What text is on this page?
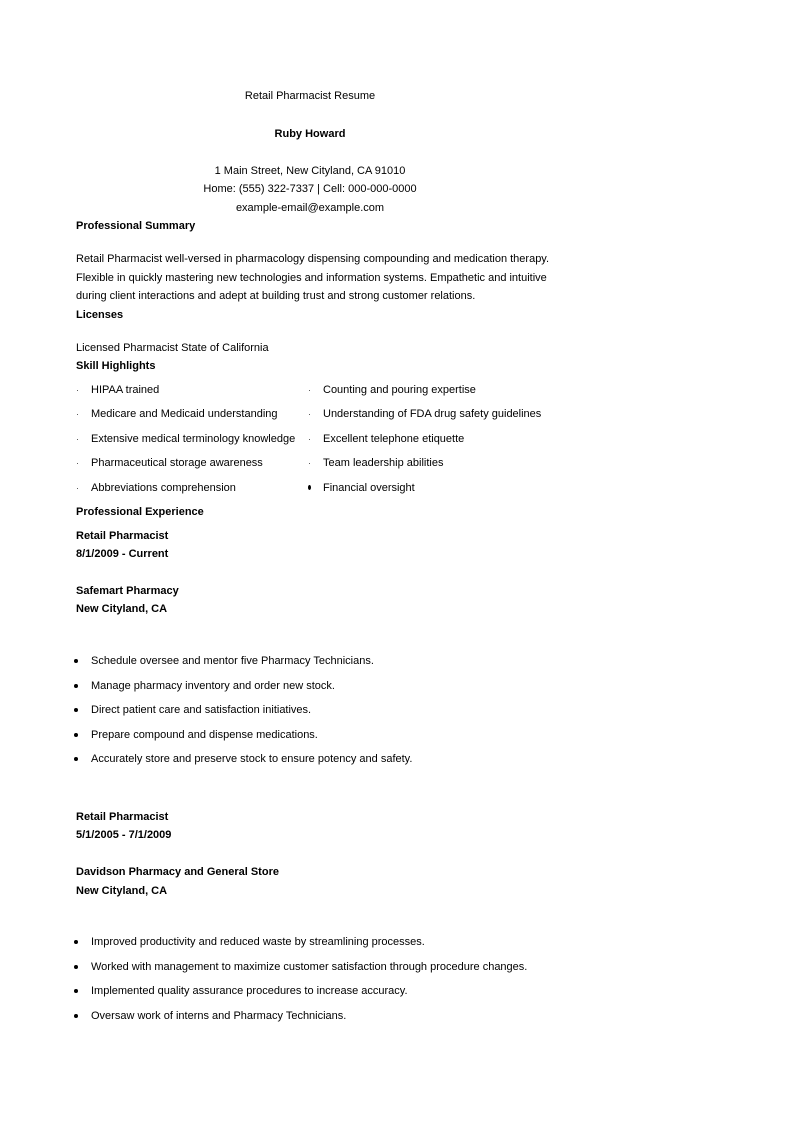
Retail Pharmacist Resume
Ruby Howard
1 Main Street, New Cityland, CA 91010
Home: (555) 322-7337 | Cell: 000-000-0000
example-email@example.com
Professional Summary
Retail Pharmacist well-versed in pharmacology dispensing compounding and medication therapy.
Flexible in quickly mastering new technologies and information systems. Empathetic and intuitive
during client interactions and adept at building trust and strong customer relations.
Licenses
Licensed Pharmacist State of California
Skill Highlights
· HIPAA trained
· Medicare and Medicaid understanding
· Extensive medical terminology knowledge
· Pharmaceutical storage awareness
· Abbreviations comprehension
· Counting and pouring expertise
· Understanding of FDA drug safety guidelines
· Excellent telephone etiquette
· Team leadership abilities
Financial oversight
Professional Experience
Retail Pharmacist
8/1/2009 - Current
Safemart Pharmacy
New Cityland, CA
Schedule oversee and mentor five Pharmacy Technicians.
Manage pharmacy inventory and order new stock.
Direct patient care and satisfaction initiatives.
Prepare compound and dispense medications.
Accurately store and preserve stock to ensure potency and safety.
Retail Pharmacist
5/1/2005 - 7/1/2009
Davidson Pharmacy and General Store
New Cityland, CA
Improved productivity and reduced waste by streamlining processes.
Worked with management to maximize customer satisfaction through procedure changes.
Implemented quality assurance procedures to increase accuracy.
Oversaw work of interns and Pharmacy Technicians.
